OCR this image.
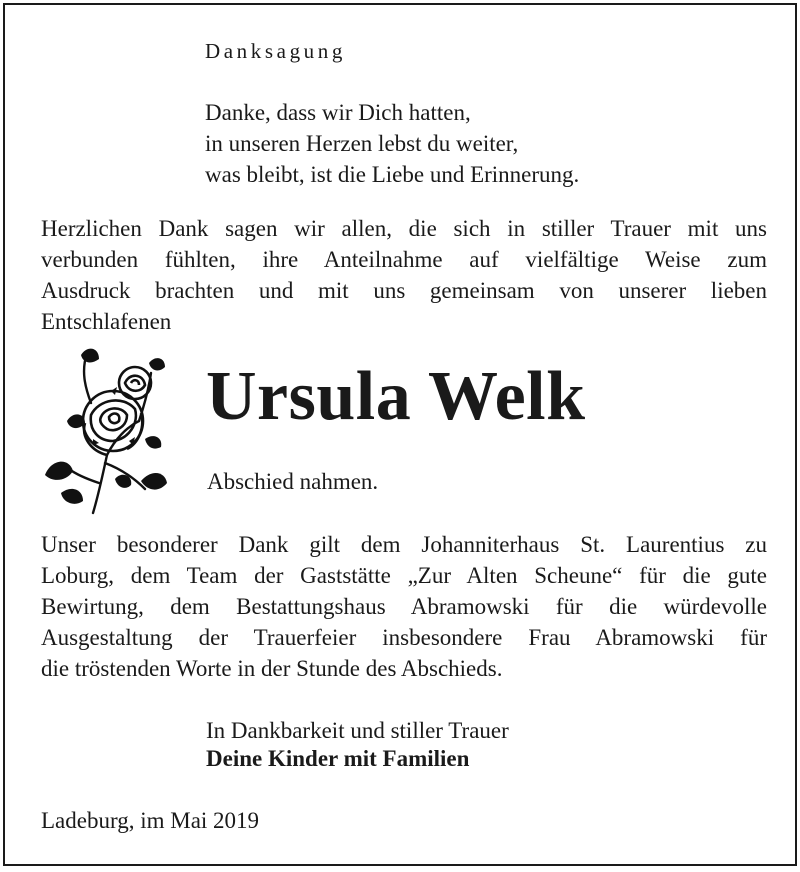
Danksagung
Danke, dass wir Dich hatten,
in unseren Herzen lebst du weiter,
was bleibt, ist die Liebe und Erinnerung.
Herzlichen Dank sagen wir allen, die sich in stiller Trauer mit uns
verbunden fühlten, ihre Anteilnahme auf vielfältige Weise zum
Ausdruck brachten und mit uns gemeinsam von unserer lieben
Entschlafenen
Ursula Welk
Abschied nahmen.
Unser besonderer Dank gilt dem Johanniterhaus St. Laurentius zu
Loburg, dem Team der Gaststätte „Zur Alten Scheune“ für die gute
Bewirtung, dem Bestattungshaus Abramowski für die würdevolle
Ausgestaltung der Trauerfeier insbesondere Frau Abramowski für
die tröstenden Worte in der Stunde des Abschieds.
In Dankbarkeit und stiller Trauer
Deine Kinder mit Familien
Ladeburg, im Mai 2019
